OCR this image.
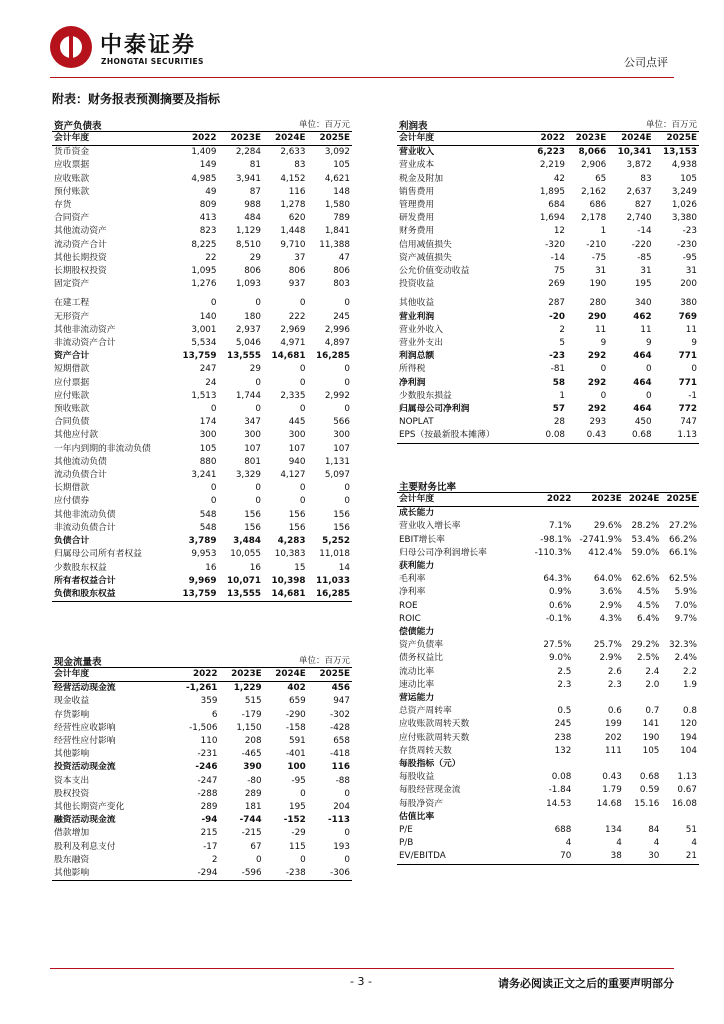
中泰证券
ZHONGTAI SECURITIES	公司点评
附表：财务报表预测摘要及指标
资产负债表	单位：百万元
会计年度	2022	2023E	2024E	2025E
货币资金	1,409	2,284	2,633	3,092
应收票据	149	81	83	105
应收账款	4,985	3,941	4,152	4,621
预付账款	49	87	116	148
存货	809	988	1,278	1,580
合同资产	413	484	620	789
其他流动资产	823	1,129	1,448	1,841
流动资产合计	8,225	8,510	9,710	11,388
其他长期投资	22	29	37	47
长期股权投资	1,095	806	806	806
固定资产	1,276	1,093	937	803

在建工程	0	0	0	0
无形资产	140	180	222	245
其他非流动资产	3,001	2,937	2,969	2,996
非流动资产合计	5,534	5,046	4,971	4,897
资产合计	13,759	13,555	14,681	16,285
短期借款	247	29	0	0
应付票据	24	0	0	0
应付账款	1,513	1,744	2,335	2,992
预收账款	0	0	0	0
合同负债	174	347	445	566
其他应付款	300	300	300	300
一年内到期的非流动负债	105	107	107	107
其他流动负债	880	801	940	1,131
流动负债合计	3,241	3,329	4,127	5,097
长期借款	0	0	0	0
应付债券	0	0	0	0
其他非流动负债	548	156	156	156
非流动负债合计	548	156	156	156
负债合计	3,789	3,484	4,283	5,252
归属母公司所有者权益	9,953	10,055	10,383	11,018
少数股东权益	16	16	15	14
所有者权益合计	9,969	10,071	10,398	11,033
负债和股东权益	13,759	13,555	14,681	16,285
现金流量表	单位：百万元
会计年度	2022	2023E	2024E	2025E
经营活动现金流	-1,261	1,229	402	456
现金收益	359	515	659	947
存货影响	6	-179	-290	-302
经营性应收影响	-1,506	1,150	-158	-428
经营性应付影响	110	208	591	658
其他影响	-231	-465	-401	-418
投资活动现金流	-246	390	100	116
资本支出	-247	-80	-95	-88
股权投资	-288	289	0	0
其他长期资产变化	289	181	195	204
融资活动现金流	-94	-744	-152	-113
借款增加	215	-215	-29	0
股利及利息支付	-17	67	115	193
股东融资	2	0	0	0
其他影响	-294	-596	-238	-306
利润表	单位：百万元
会计年度	2022	2023E	2024E	2025E
营业收入	6,223	8,066	10,341	13,153
营业成本	2,219	2,906	3,872	4,938
税金及附加	42	65	83	105
销售费用	1,895	2,162	2,637	3,249
管理费用	684	686	827	1,026
研发费用	1,694	2,178	2,740	3,380
财务费用	12	1	-14	-23
信用减值损失	-320	-210	-220	-230
资产减值损失	-14	-75	-85	-95
公允价值变动收益	75	31	31	31
投资收益	269	190	195	200

其他收益	287	280	340	380
营业利润	-20	290	462	769
营业外收入	2	11	11	11
营业外支出	5	9	9	9
利润总额	-23	292	464	771
所得税	-81	0	0	0
净利润	58	292	464	771
少数股东损益	1	0	0	-1
归属母公司净利润	57	292	464	772
NOPLAT	28	293	450	747
EPS（按最新股本摊薄）	0.08	0.43	0.68	1.13
主要财务比率
会计年度	2022	2023E	2024E	2025E
成长能力				
营业收入增长率	7.1%	29.6%	28.2%	27.2%
EBIT增长率	-98.1%	-2741.9%	53.4%	66.2%
归母公司净利润增长率	-110.3%	412.4%	59.0%	66.1%
获利能力				
毛利率	64.3%	64.0%	62.6%	62.5%
净利率	0.9%	3.6%	4.5%	5.9%
ROE	0.6%	2.9%	4.5%	7.0%
ROIC	-0.1%	4.3%	6.4%	9.7%
偿债能力				
资产负债率	27.5%	25.7%	29.2%	32.3%
债务权益比	9.0%	2.9%	2.5%	2.4%
流动比率	2.5	2.6	2.4	2.2
速动比率	2.3	2.3	2.0	1.9
营运能力				
总资产周转率	0.5	0.6	0.7	0.8
应收账款周转天数	245	199	141	120
应付账款周转天数	238	202	190	194
存货周转天数	132	111	105	104
每股指标（元）				
每股收益	0.08	0.43	0.68	1.13
每股经营现金流	-1.84	1.79	0.59	0.67
每股净资产	14.53	14.68	15.16	16.08
估值比率				
P/E	688	134	84	51
P/B	4	4	4	4
EV/EBITDA	70	38	30	21
- 3 -	请务必阅读正文之后的重要声明部分
